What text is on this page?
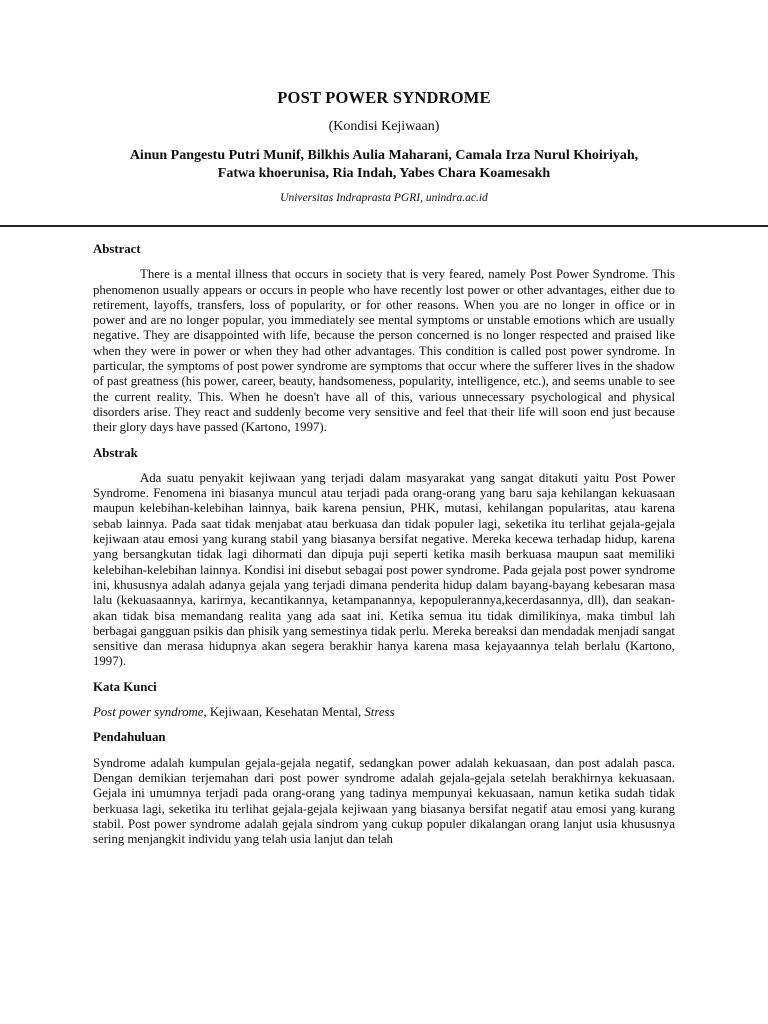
POST POWER SYNDROME
(Kondisi Kejiwaan)
Ainun Pangestu Putri Munif, Bilkhis Aulia Maharani, Camala Irza Nurul Khoiriyah,
Fatwa khoerunisa, Ria Indah, Yabes Chara Koamesakh
Universitas Indraprasta PGRI, unindra.ac.id
Abstract

There is a mental illness that occurs in society that is very feared, namely Post Power Syndrome. This phenomenon usually appears or occurs in people who have recently lost power or other advantages, either due to retirement, layoffs, transfers, loss of popularity, or for other reasons. When you are no longer in office or in power and are no longer popular, you immediately see mental symptoms or unstable emotions which are usually negative. They are disappointed with life, because the person concerned is no longer respected and praised like when they were in power or when they had other advantages. This condition is called post power syndrome. In particular, the symptoms of post power syndrome are symptoms that occur where the sufferer lives in the shadow of past greatness (his power, career, beauty, handsomeness, popularity, intelligence, etc.), and seems unable to see the current reality. This. When he doesn't have all of this, various unnecessary psychological and physical disorders arise. They react and suddenly become very sensitive and feel that their life will soon end just because their glory days have passed (Kartono, 1997).

Abstrak

Ada suatu penyakit kejiwaan yang terjadi dalam masyarakat yang sangat ditakuti yaitu Post Power Syndrome. Fenomena ini biasanya muncul atau terjadi pada orang-orang yang baru saja kehilangan kekuasaan maupun kelebihan-kelebihan lainnya, baik karena pensiun, PHK, mutasi, kehilangan popularitas, atau karena sebab lainnya. Pada saat tidak menjabat atau berkuasa dan tidak populer lagi, seketika itu terlihat gejala-gejala kejiwaan atau emosi yang kurang stabil yang biasanya bersifat negative. Mereka kecewa terhadap hidup, karena yang bersangkutan tidak lagi dihormati dan dipuja puji seperti ketika masih berkuasa maupun saat memiliki kelebihan-kelebihan lainnya. Kondisi ini disebut sebagai post power syndrome. Pada gejala post power syndrome ini, khususnya adalah adanya gejala yang terjadi dimana penderita hidup dalam bayang-bayang kebesaran masa lalu (kekuasaannya, karirnya, kecantikannya, ketampanannya, kepopulerannya,kecerdasannya, dll), dan seakan-akan tidak bisa memandang realita yang ada saat ini. Ketika semua itu tidak dimilikinya, maka timbul lah berbagai gangguan psikis dan phisik yang semestinya tidak perlu. Mereka bereaksi dan mendadak menjadi sangat sensitive dan merasa hidupnya akan segera berakhir hanya karena masa kejayaannya telah berlalu (Kartono, 1997).

Kata Kunci

Post power syndrome, Kejiwaan, Kesehatan Mental, Stress

Pendahuluan

Syndrome adalah kumpulan gejala-gejala negatif, sedangkan power adalah kekuasaan, dan post adalah pasca. Dengan demikian terjemahan dari post power syndrome adalah gejala-gejala setelah berakhirnya kekuasaan. Gejala ini umumnya terjadi pada orang-orang yang tadinya mempunyai kekuasaan, namun ketika sudah tidak berkuasa lagi, seketika itu terlihat gejala-gejala kejiwaan yang biasanya bersifat negatif atau emosi yang kurang stabil. Post power syndrome adalah gejala sindrom yang cukup populer dikalangan orang lanjut usia khususnya sering menjangkit individu yang telah usia lanjut dan telah
